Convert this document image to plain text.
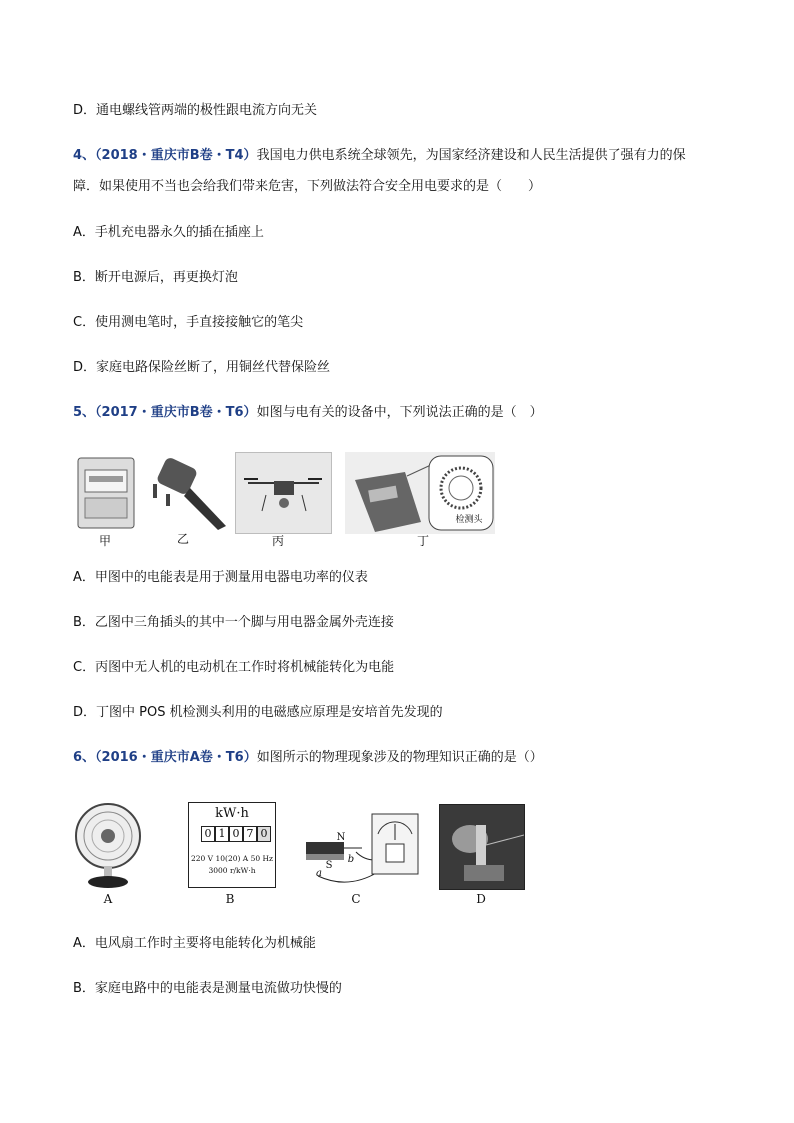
D．通电螺线管两端的极性跟电流方向无关
4、（2018・重庆市B卷・T4）我国电力供电系统全球领先，为国家经济建设和人民生活提供了强有力的保
障．如果使用不当也会给我们带来危害，下列做法符合安全用电要求的是（　　）
A．手机充电器永久的插在插座上
B．断开电源后，再更换灯泡
C．使用测电笔时，手直接接触它的笔尖
D．家庭电路保险丝断了，用铜丝代替保险丝
5、（2017・重庆市B卷・T6）如图与电有关的设备中，下列说法正确的是（　）
检测头
甲	乙	丙	丁
A．甲图中的电能表是用于测量用电器电功率的仪表
B．乙图中三角插头的其中一个脚与用电器金属外壳连接
C．丙图中无人机的电动机在工作时将机械能转化为电能
D．丁图中 POS 机检测头利用的电磁感应原理是安培首先发现的
6、（2016・重庆市A卷・T6）如图所示的物理现象涉及的物理知识正确的是（）
kW·h
0 1 0 7 0
220 V 10(20) A 50 Hz
3000 r/kW·h
N
S
a
b
A	B	C	D
A．电风扇工作时主要将电能转化为机械能
B．家庭电路中的电能表是测量电流做功快慢的
